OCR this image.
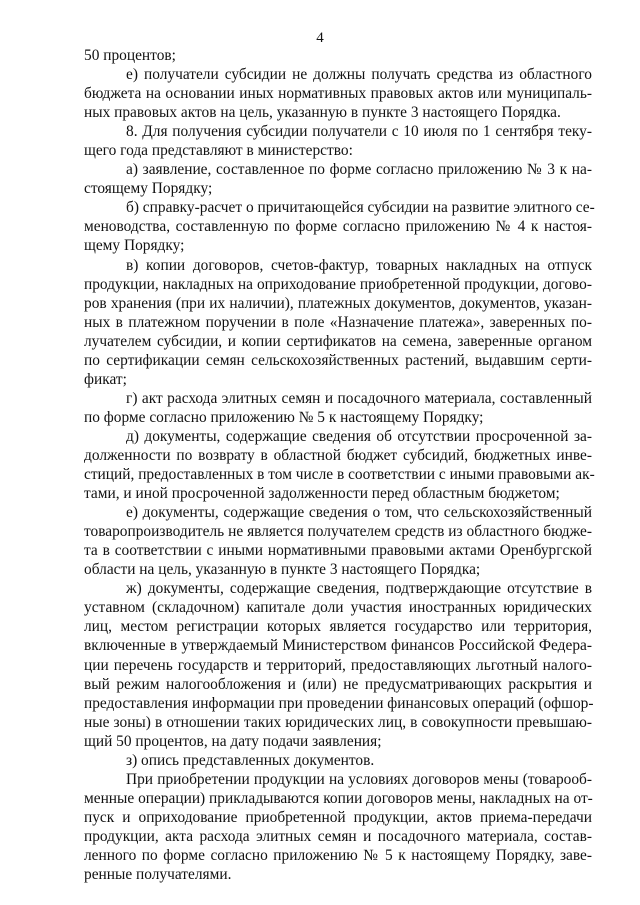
4

50 процентов;

е) получатели субсидии не должны получать средства из областного
бюджета на основании иных нормативных правовых актов или муниципаль-
ных правовых актов на цель, указанную в пункте 3 настоящего Порядка.

8. Для получения субсидии получатели с 10 июля по 1 сентября теку-
щего года представляют в министерство:

а) заявление, составленное по форме согласно приложению № 3 к на-
стоящему Порядку;

б) справку-расчет о причитающейся субсидии на развитие элитного се-
меноводства, составленную по форме согласно приложению № 4 к настоя-
щему Порядку;

в) копии договоров, счетов-фактур, товарных накладных на отпуск
продукции, накладных на оприходование приобретенной продукции, догово-
ров хранения (при их наличии), платежных документов, документов, указан-
ных в платежном поручении в поле «Назначение платежа», заверенных по-
лучателем субсидии, и копии сертификатов на семена, заверенные органом
по сертификации семян сельскохозяйственных растений, выдавшим серти-
фикат;

г) акт расхода элитных семян и посадочного материала, составленный
по форме согласно приложению № 5 к настоящему Порядку;

д) документы, содержащие сведения об отсутствии просроченной за-
долженности по возврату в областной бюджет субсидий, бюджетных инве-
стиций, предоставленных в том числе в соответствии с иными правовыми ак-
тами, и иной просроченной задолженности перед областным бюджетом;

е) документы, содержащие сведения о том, что сельскохозяйственный
товаропроизводитель не является получателем средств из областного бюдже-
та в соответствии с иными нормативными правовыми актами Оренбургской
области на цель, указанную в пункте 3 настоящего Порядка;

ж) документы, содержащие сведения, подтверждающие отсутствие в
уставном (складочном) капитале доли участия иностранных юридических
лиц, местом регистрации которых является государство или территория,
включенные в утверждаемый Министерством финансов Российской Федера-
ции перечень государств и территорий, предоставляющих льготный налого-
вый режим налогообложения и (или) не предусматривающих раскрытия и
предоставления информации при проведении финансовых операций (офшор-
ные зоны) в отношении таких юридических лиц, в совокупности превышаю-
щий 50 процентов, на дату подачи заявления;

з) опись представленных документов.

При приобретении продукции на условиях договоров мены (товарооб-
менные операции) прикладываются копии договоров мены, накладных на от-
пуск и оприходование приобретенной продукции, актов приема-передачи
продукции, акта расхода элитных семян и посадочного материала, состав-
ленного по форме согласно приложению № 5 к настоящему Порядку, заве-
ренные получателями.
